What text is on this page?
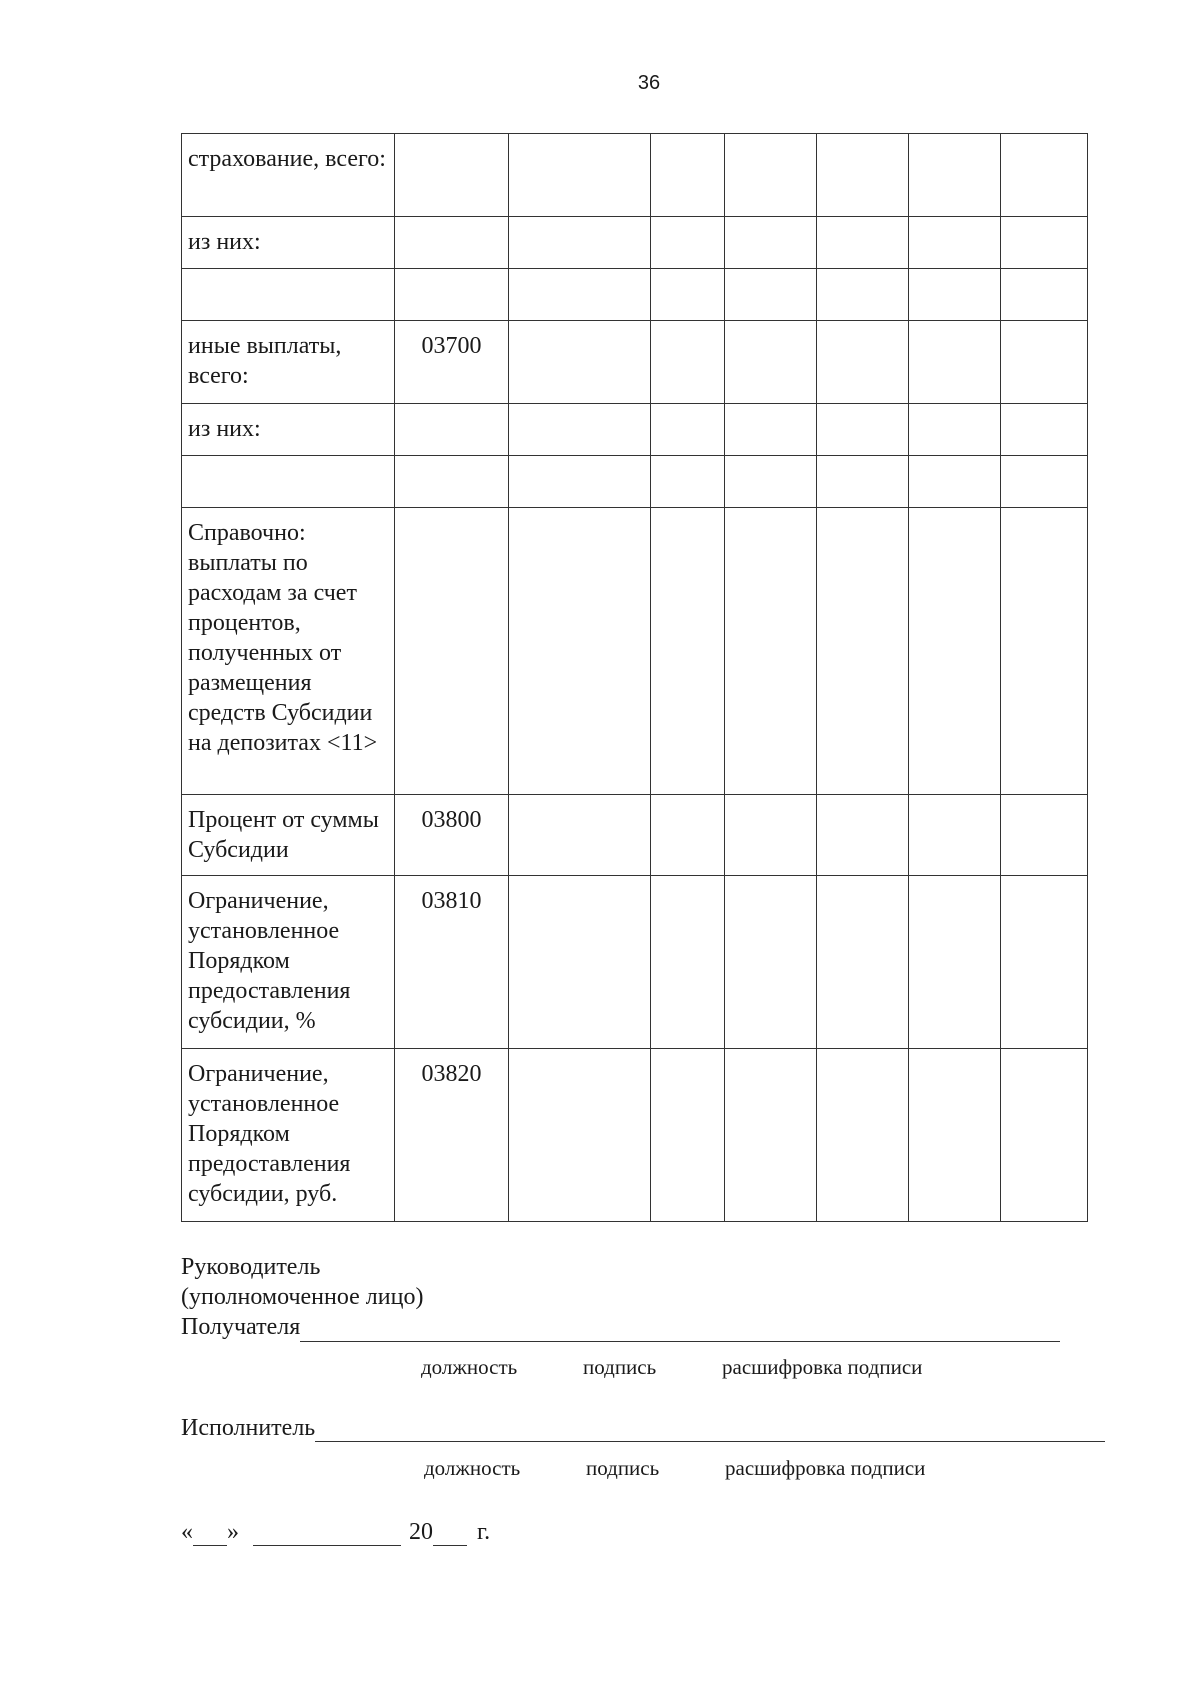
36
страхование, всего:							
из них:							

иные выплаты, всего:	03700						
из них:							

Справочно: выплаты по расходам за счет процентов, полученных от размещения средств Субсидии на депозитах <11>							
Процент от суммы Субсидии	03800						
Ограничение, установленное Порядком предоставления субсидии, %	03810						
Ограничение, установленное Порядком предоставления субсидии, руб.	03820						
Руководитель
(уполномоченное лицо)
Получателя
должность	подпись	расшифровка подписи
Исполнитель
должность	подпись	расшифровка подписи
« »	20 г.
